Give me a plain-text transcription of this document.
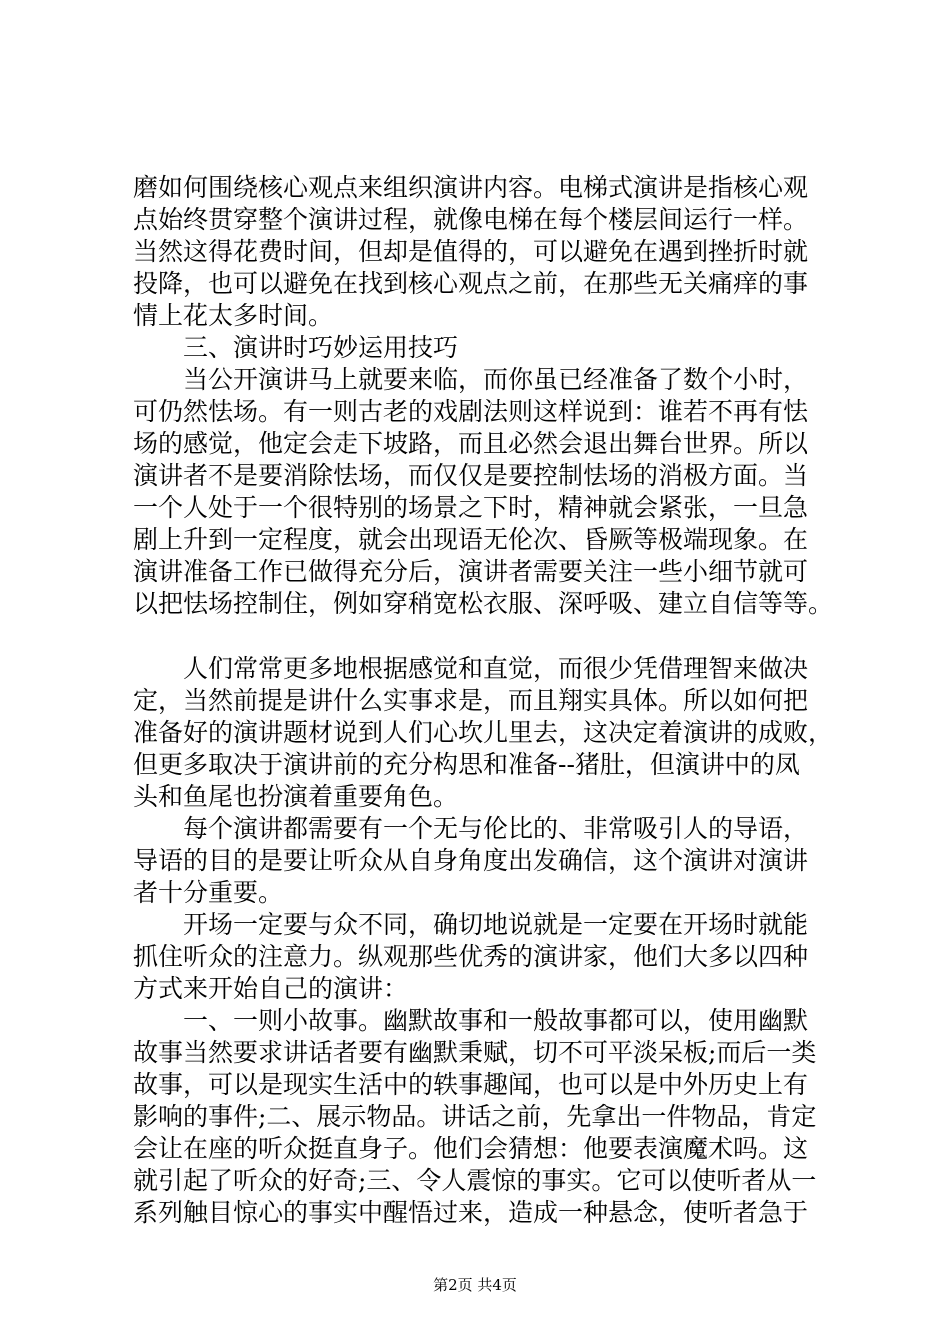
磨如何围绕核心观点来组织演讲内容。电梯式演讲是指核心观
点始终贯穿整个演讲过程，就像电梯在每个楼层间运行一样。
当然这得花费时间，但却是值得的，可以避免在遇到挫折时就
投降，也可以避免在找到核心观点之前，在那些无关痛痒的事
情上花太多时间。
三、演讲时巧妙运用技巧
当公开演讲马上就要来临，而你虽已经准备了数个小时，
可仍然怯场。有一则古老的戏剧法则这样说到：谁若不再有怯
场的感觉，他定会走下坡路，而且必然会退出舞台世界。所以
演讲者不是要消除怯场，而仅仅是要控制怯场的消极方面。当
一个人处于一个很特别的场景之下时，精神就会紧张，一旦急
剧上升到一定程度，就会出现语无伦次、昏厥等极端现象。在
演讲准备工作已做得充分后，演讲者需要关注一些小细节就可
以把怯场控制住，例如穿稍宽松衣服、深呼吸、建立自信等等。
人们常常更多地根据感觉和直觉，而很少凭借理智来做决
定，当然前提是讲什么实事求是，而且翔实具体。所以如何把
准备好的演讲题材说到人们心坎儿里去，这决定着演讲的成败，
但更多取决于演讲前的充分构思和准备--猪肚，但演讲中的凤
头和鱼尾也扮演着重要角色。
每个演讲都需要有一个无与伦比的、非常吸引人的导语，
导语的目的是要让听众从自身角度出发确信，这个演讲对演讲
者十分重要。
开场一定要与众不同，确切地说就是一定要在开场时就能
抓住听众的注意力。纵观那些优秀的演讲家，他们大多以四种
方式来开始自己的演讲：
一、一则小故事。幽默故事和一般故事都可以，使用幽默
故事当然要求讲话者要有幽默秉赋，切不可平淡呆板;而后一类
故事，可以是现实生活中的轶事趣闻，也可以是中外历史上有
影响的事件;二、展示物品。讲话之前，先拿出一件物品，肯定
会让在座的听众挺直身子。他们会猜想：他要表演魔术吗。这
就引起了听众的好奇;三、令人震惊的事实。它可以使听者从一
系列触目惊心的事实中醒悟过来，造成一种悬念，使听者急于
第2页 共4页
